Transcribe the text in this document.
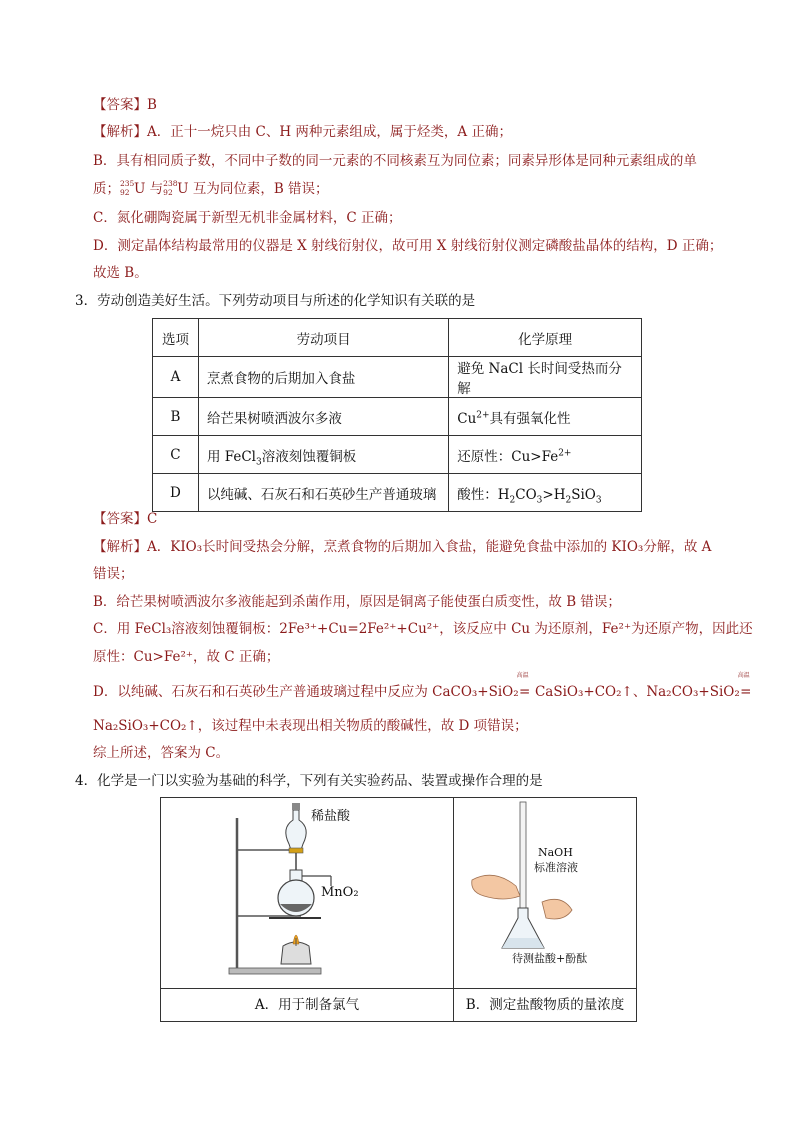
【答案】B
【解析】A．正十一烷只由 C、H 两种元素组成，属于烃类，A 正确；
B．具有相同质子数，不同中子数的同一元素的不同核素互为同位素；同素异形体是同种元素组成的单
质； 235
92 U 与 238
92 U 互为同位素，B 错误；
C．氮化硼陶瓷属于新型无机非金属材料，C 正确；
D．测定晶体结构最常用的仪器是 X 射线衍射仪，故可用 X 射线衍射仪测定磷酸盐晶体的结构，D 正确；
故选 B。
3．劳动创造美好生活。下列劳动项目与所述的化学知识有关联的是
选项	劳动项目	化学原理
A	烹煮食物的后期加入食盐	避免 NaCl 长时间受热而分解
B	给芒果树喷洒波尔多液	$Cu^{2+}$具有强氧化性
C	用 FeCl$_3$溶液刻蚀覆铜板	还原性：$Cu>Fe^{2+}$
D	以纯碱、石灰石和石英砂生产普通玻璃	酸性：$H_2CO_3>H_2SiO_3$
【答案】C
【解析】A．KIO₃长时间受热会分解，烹煮食物的后期加入食盐，能避免食盐中添加的 KIO₃分解，故 A
错误；
B．给芒果树喷洒波尔多液能起到杀菌作用，原因是铜离子能使蛋白质变性，故 B 错误；
C．用 FeCl₃溶液刻蚀覆铜板：2Fe³⁺+Cu=2Fe²⁺+Cu²⁺，该反应中 Cu 为还原剂，Fe²⁺为还原产物，因此还
原性：Cu>Fe²⁺，故 C 正确；
D．以纯碱、石灰石和石英砂生产普通玻璃过程中反应为 CaCO₃+SiO₂
高温
= CaSiO₃+CO₂↑、Na₂CO₃+SiO₂
高温
=
Na₂SiO₃+CO₂↑，该过程中未表现出相关物质的酸碱性，故 D 项错误；
综上所述，答案为 C。
4．化学是一门以实验为基础的科学，下列有关实验药品、装置或操作合理的是
稀盐酸
MnO₂	NaOH
标准溶液
待测盐酸+酚酞

A．用于制备氯气	B．测定盐酸物质的量浓度
